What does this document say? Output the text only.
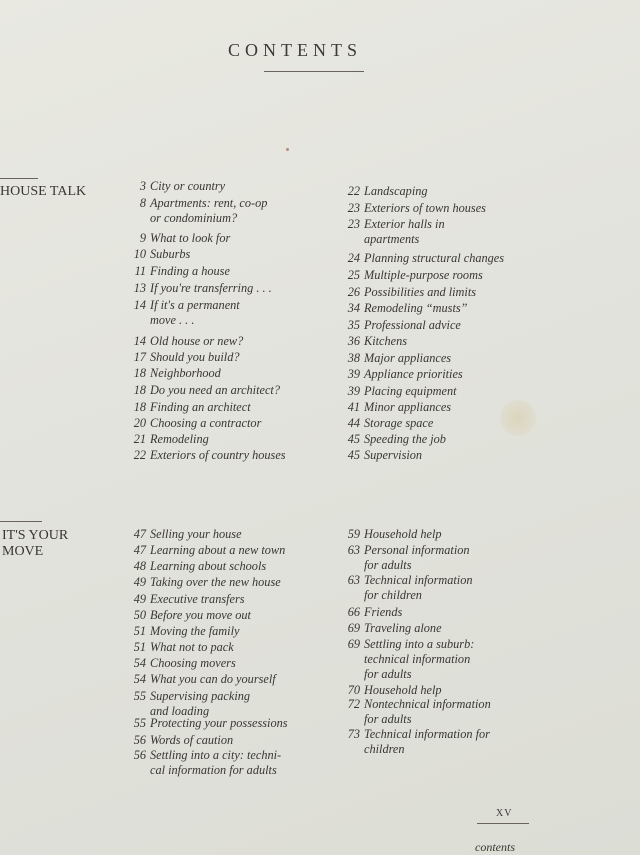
CONTENTS
HOUSE TALK
IT'S YOUR
MOVE
XV
contents
3 City or country
8 Apartments: rent, co-op
or condominium?
9 What to look for
10 Suburbs
11 Finding a house
13 If you're transferring . . .
14 If it's a permanent
move . . .
14 Old house or new?
17 Should you build?
18 Neighborhood
18 Do you need an architect?
18 Finding an architect
20 Choosing a contractor
21 Remodeling
22 Exteriors of country houses
22 Landscaping
23 Exteriors of town houses
23 Exterior halls in
apartments
24 Planning structural changes
25 Multiple-purpose rooms
26 Possibilities and limits
34 Remodeling “musts”
35 Professional advice
36 Kitchens
38 Major appliances
39 Appliance priorities
39 Placing equipment
41 Minor appliances
44 Storage space
45 Speeding the job
45 Supervision
47 Selling your house
47 Learning about a new town
48 Learning about schools
49 Taking over the new house
49 Executive transfers
50 Before you move out
51 Moving the family
51 What not to pack
54 Choosing movers
54 What you can do yourself
55 Supervising packing
and loading
55 Protecting your possessions
56 Words of caution
56 Settling into a city: techni-
cal information for adults
59 Household help
63 Personal information
for adults
63 Technical information
for children
66 Friends
69 Traveling alone
69 Settling into a suburb:
technical information
for adults
70 Household help
72 Nontechnical information
for adults
73 Technical information for
children
